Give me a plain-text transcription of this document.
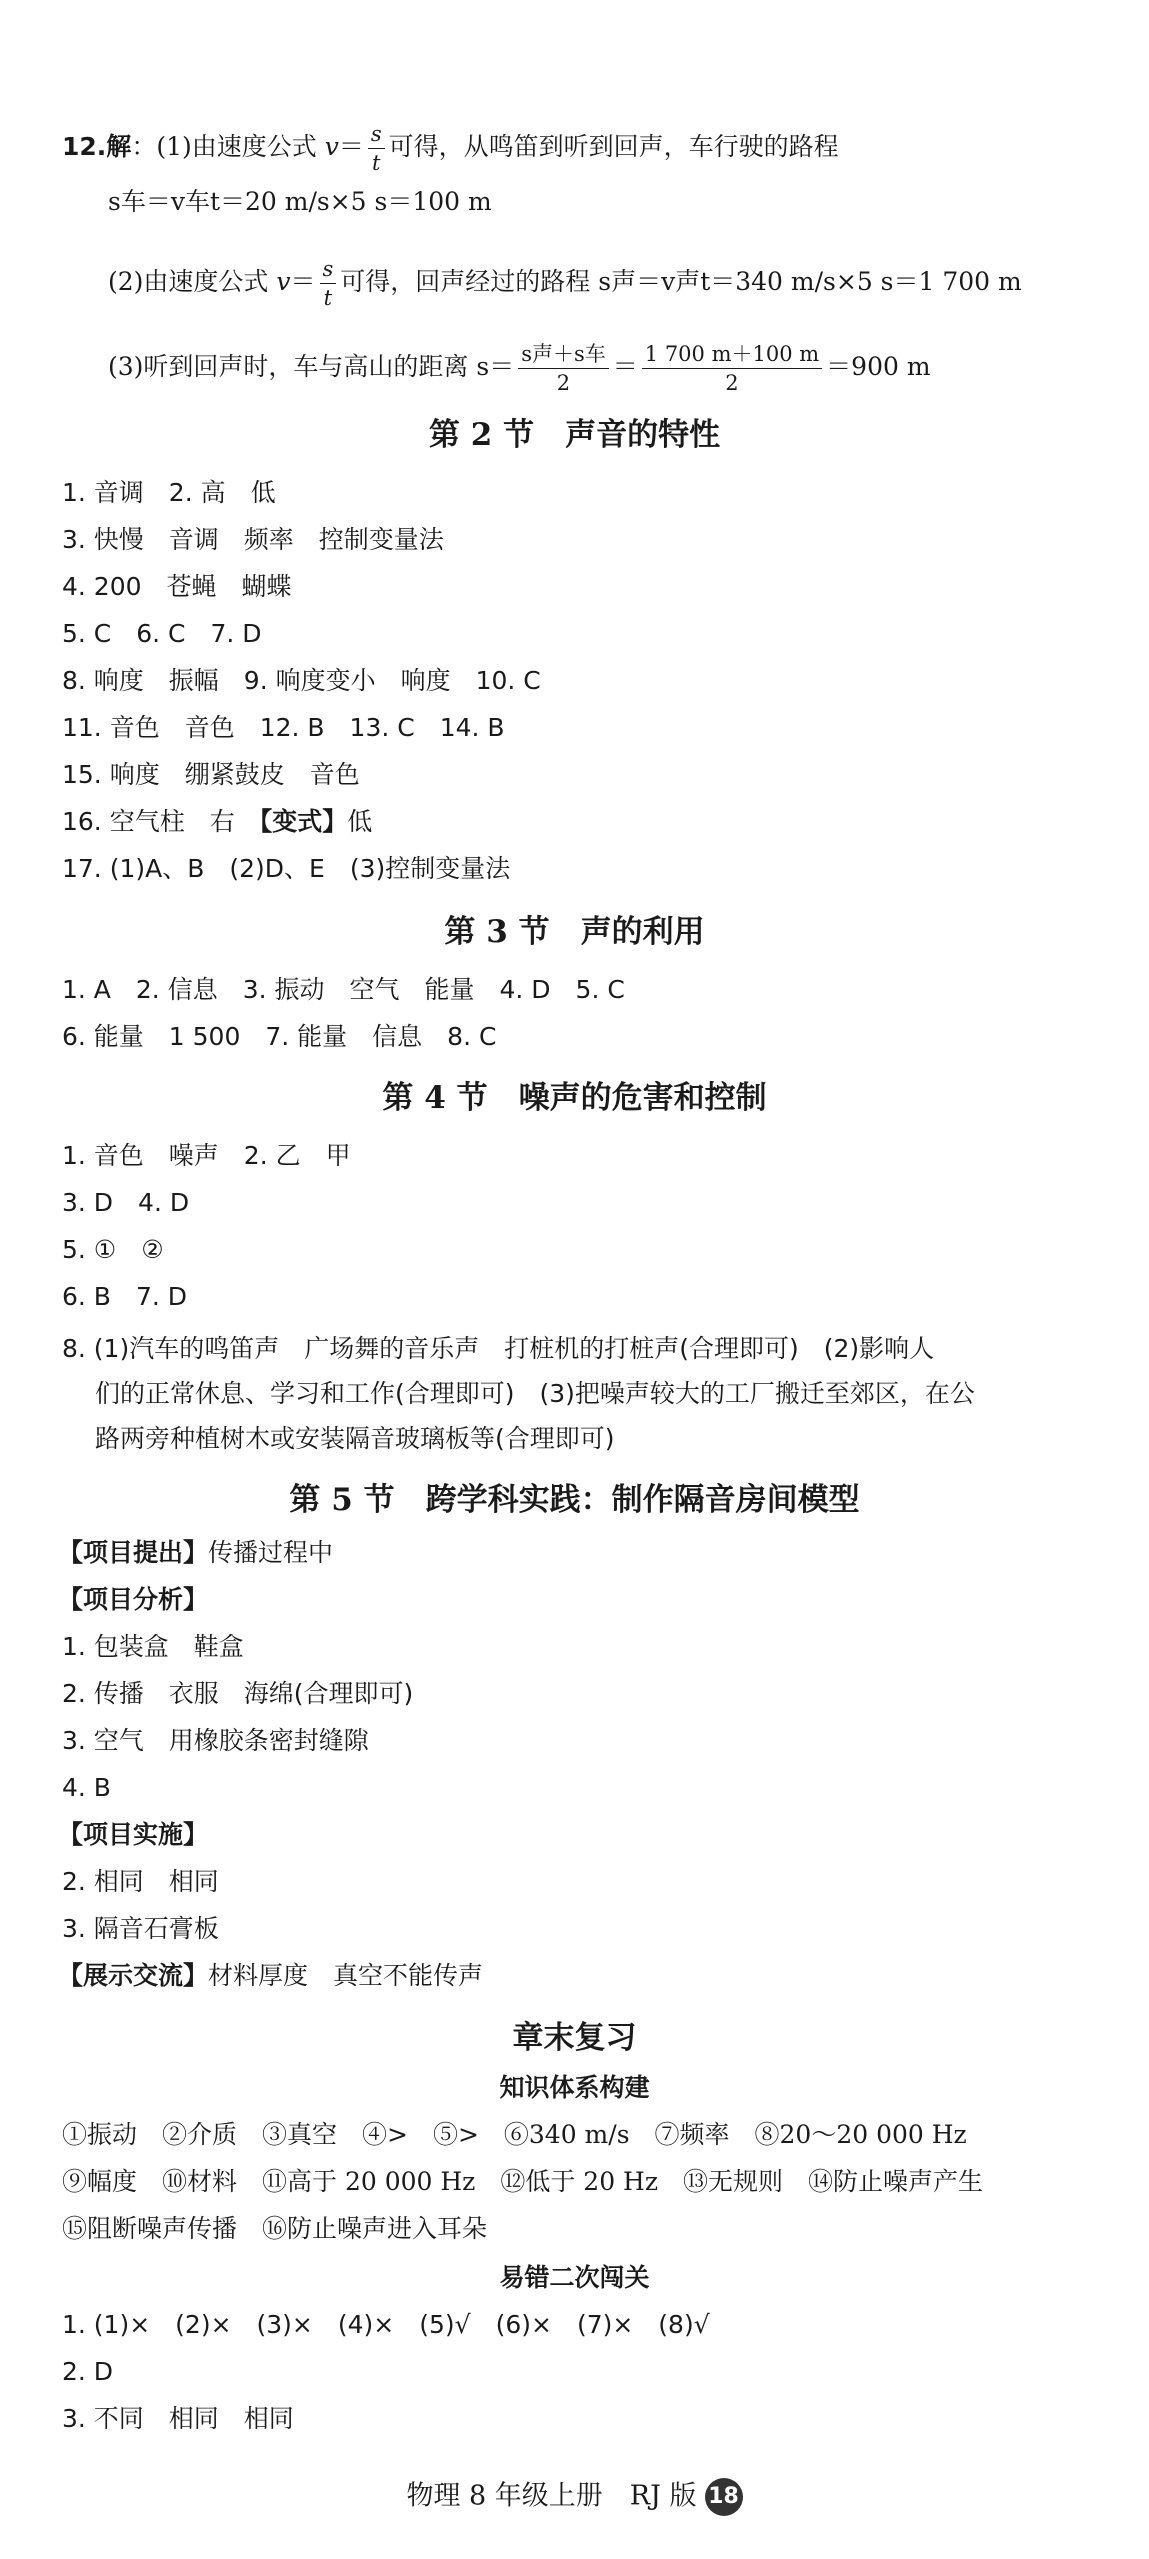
12.解：(1)由速度公式 $v= \frac{s}{t}$ 可得，从鸣笛到听到回声，车行驶的路程
s车＝v车t＝20 m/s×5 s＝100 m
(2)由速度公式 $v= \frac{s}{t}$ 可得，回声经过的路程 s声＝v声t＝340 m/s×5 s＝1 700 m
(3)听到回声时，车与高山的距离 $s= \frac{\text{s声＋s车}}{2} = \frac{1 700 m+100 m}{2} =900$ m
第 2 节　声音的特性
1. 音调　2. 高　低
3. 快慢　音调　频率　控制变量法
4. 200　苍蝇　蝴蝶
5. C　6. C　7. D
8. 响度　振幅　9. 响度变小　响度　10. C
11. 音色　音色　12. B　13. C　14. B
15. 响度　绷紧鼓皮　音色
16. 空气柱　右　【变式】低
17. (1)A、B　(2)D、E　(3)控制变量法
第 3 节　声的利用
1. A　2. 信息　3. 振动　空气　能量　4. D　5. C
6. 能量　1 500　7. 能量　信息　8. C
第 4 节　噪声的危害和控制
1. 音色　噪声　2. 乙　甲
3. D　4. D
5. ①　②
6. B　7. D
8. (1)汽车的鸣笛声　广场舞的音乐声　打桩机的打桩声(合理即可)　(2)影响人
们的正常休息、学习和工作(合理即可)　(3)把噪声较大的工厂搬迁至郊区，在公
路两旁种植树木或安装隔音玻璃板等(合理即可)
第 5 节　跨学科实践：制作隔音房间模型
【项目提出】传播过程中
【项目分析】
1. 包装盒　鞋盒
2. 传播　衣服　海绵(合理即可)
3. 空气　用橡胶条密封缝隙
4. B
【项目实施】
2. 相同　相同
3. 隔音石膏板
【展示交流】材料厚度　真空不能传声
章末复习
知识体系构建
①振动　②介质　③真空　④>　⑤>　⑥340 m/s　⑦频率　⑧20～20 000 Hz
⑨幅度　⑩材料　⑪高于 20 000 Hz　⑫低于 20 Hz　⑬无规则　⑭防止噪声产生
⑮阻断噪声传播　⑯防止噪声进入耳朵
易错二次闯关
1. (1)×　(2)×　(3)×　(4)×　(5)√　(6)×　(7)×　(8)√
2. D
3. 不同　相同　相同
物理 8 年级上册　RJ 版 18
